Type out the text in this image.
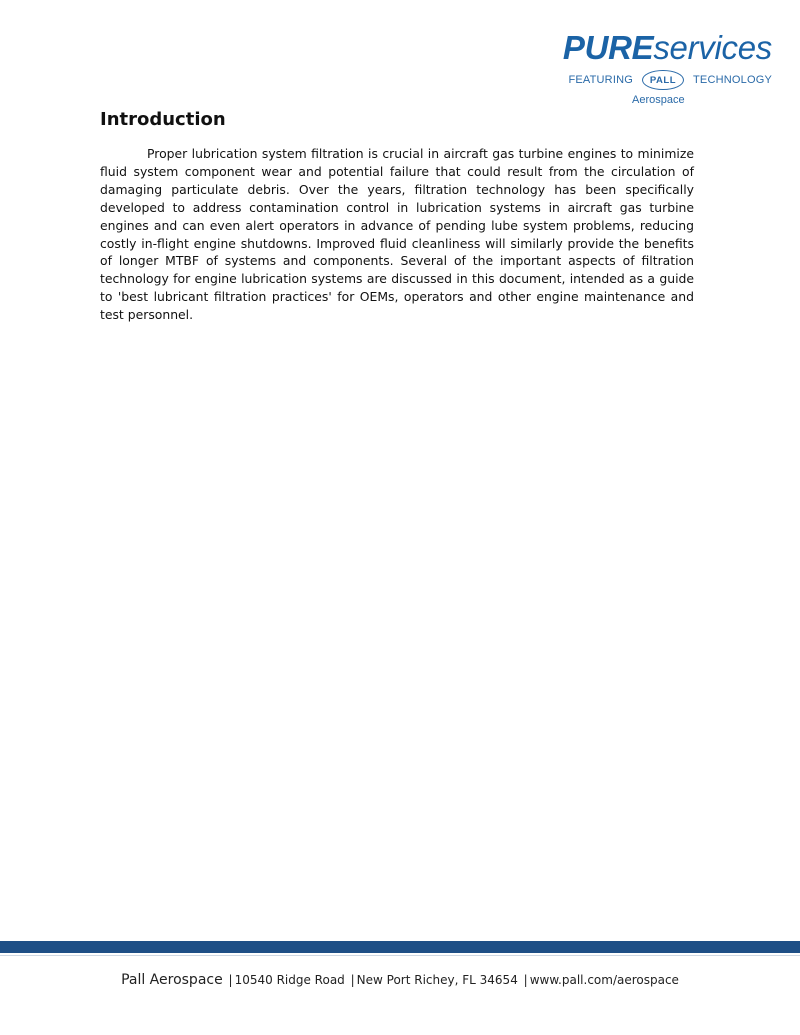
PUREservices
FEATURING PALL TECHNOLOGY
Aerospace
Introduction

Proper lubrication system filtration is crucial in aircraft gas turbine engines to minimize fluid system component wear and potential failure that could result from the circulation of damaging particulate debris. Over the years, filtration technology has been specifically developed to address contamination control in lubrication systems in aircraft gas turbine engines and can even alert operators in advance of pending lube system problems, reducing costly in-flight engine shutdowns. Improved fluid cleanliness will similarly provide the benefits of longer MTBF of systems and components. Several of the important aspects of filtration technology for engine lubrication systems are discussed in this document, intended as a guide to 'best lubricant filtration practices' for OEMs, operators and other engine maintenance and test personnel.

Pall Aerospace | 10540 Ridge Road | New Port Richey, FL 34654 | www.pall.com/aerospace
